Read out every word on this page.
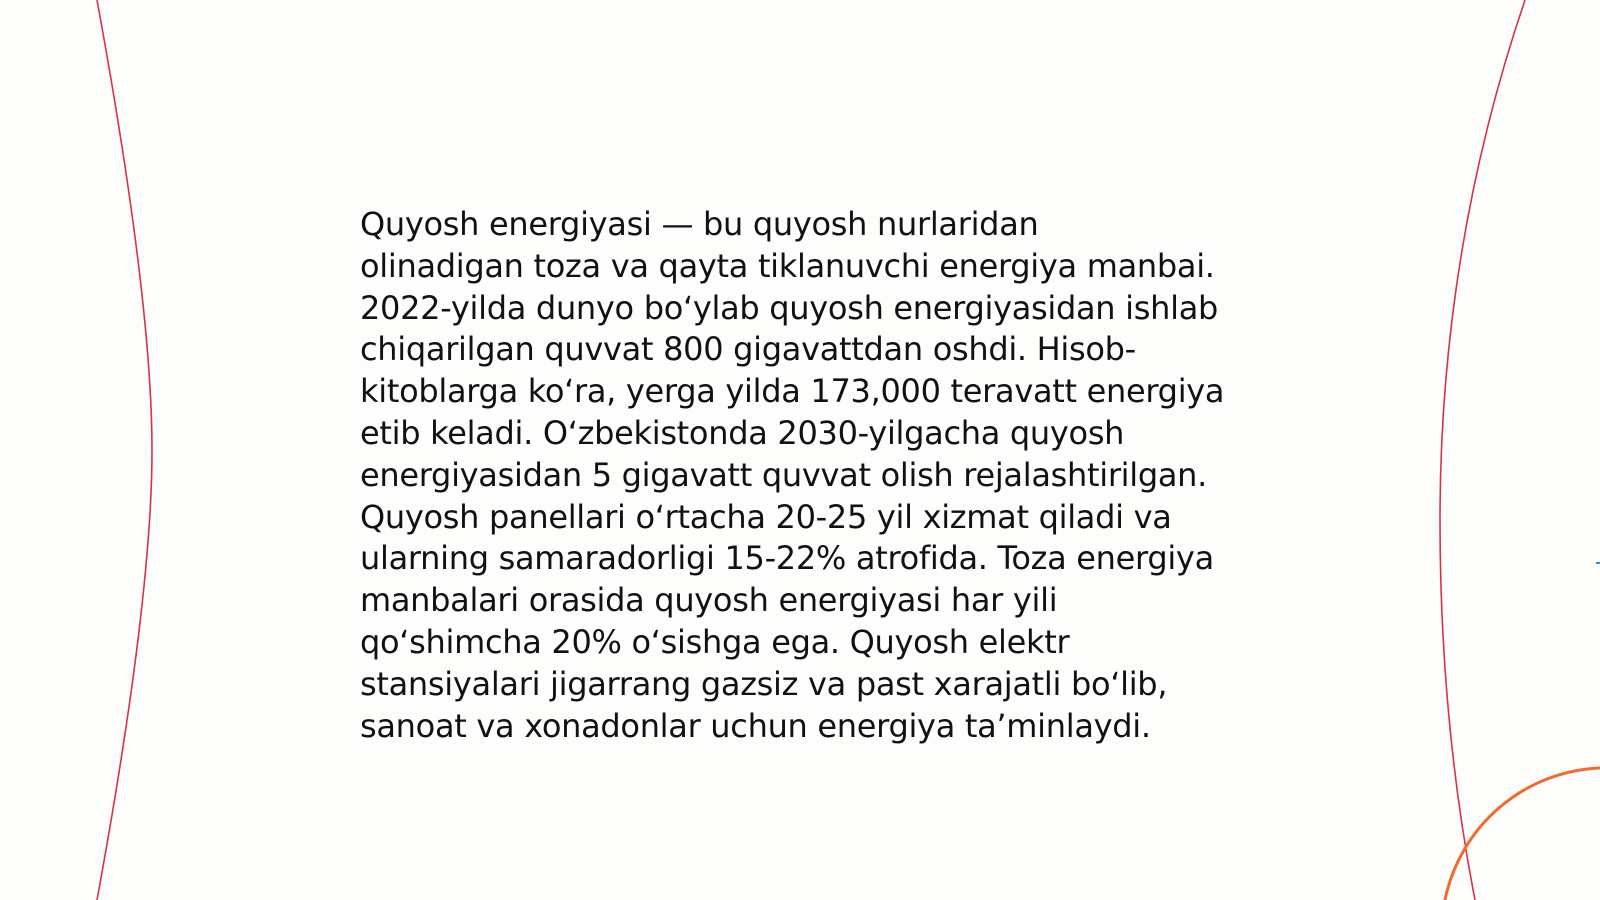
Quyosh energiyasi — bu quyosh nurlaridan
olinadigan toza va qayta tiklanuvchi energiya manbai.
2022-yilda dunyo boʻylab quyosh energiyasidan ishlab
chiqarilgan quvvat 800 gigavattdan oshdi. Hisob-
kitoblarga koʻra, yerga yilda 173,000 teravatt energiya
etib keladi. Oʻzbekistonda 2030-yilgacha quyosh
energiyasidan 5 gigavatt quvvat olish rejalashtirilgan.
Quyosh panellari oʻrtacha 20-25 yil xizmat qiladi va
ularning samaradorligi 15-22% atrofida. Toza energiya
manbalari orasida quyosh energiyasi har yili
qoʻshimcha 20% oʻsishga ega. Quyosh elektr
stansiyalari jigarrang gazsiz va past xarajatli boʻlib,
sanoat va xonadonlar uchun energiya taʼminlaydi.
